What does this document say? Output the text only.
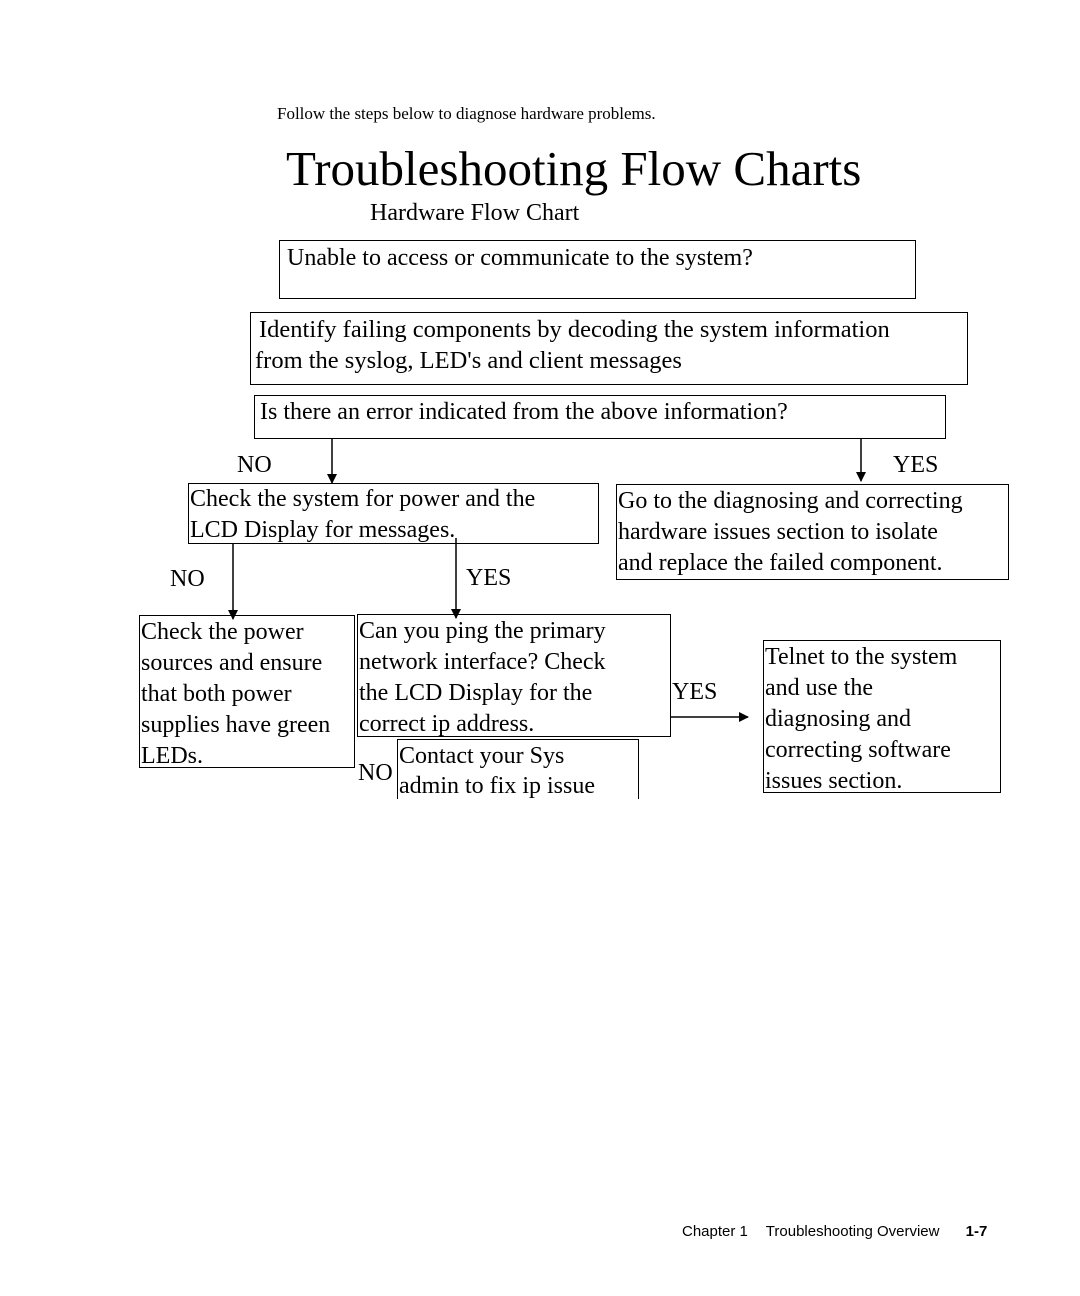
Follow the steps below to diagnose hardware problems.
Troubleshooting Flow Charts
Hardware Flow Chart
Unable to access or communicate to the system?
Identify failing components by decoding the system information
from the syslog, LED's and client messages
Is there an error indicated from the above information?
NO	YES
Check the system for power and the
LCD Display for messages.
Go to the diagnosing and correcting
hardware issues section to isolate
and replace the failed component.
NO	YES
Check the power
sources and ensure
that both power
supplies have green
LEDs.
Can you ping the primary
network interface? Check
the LCD Display for the
correct ip address.
YES
Telnet to the system
and use the
diagnosing and
correcting software
issues section.
NO
Contact your Sys
admin to fix ip issue
Chapter 1 Troubleshooting Overview 1-7
